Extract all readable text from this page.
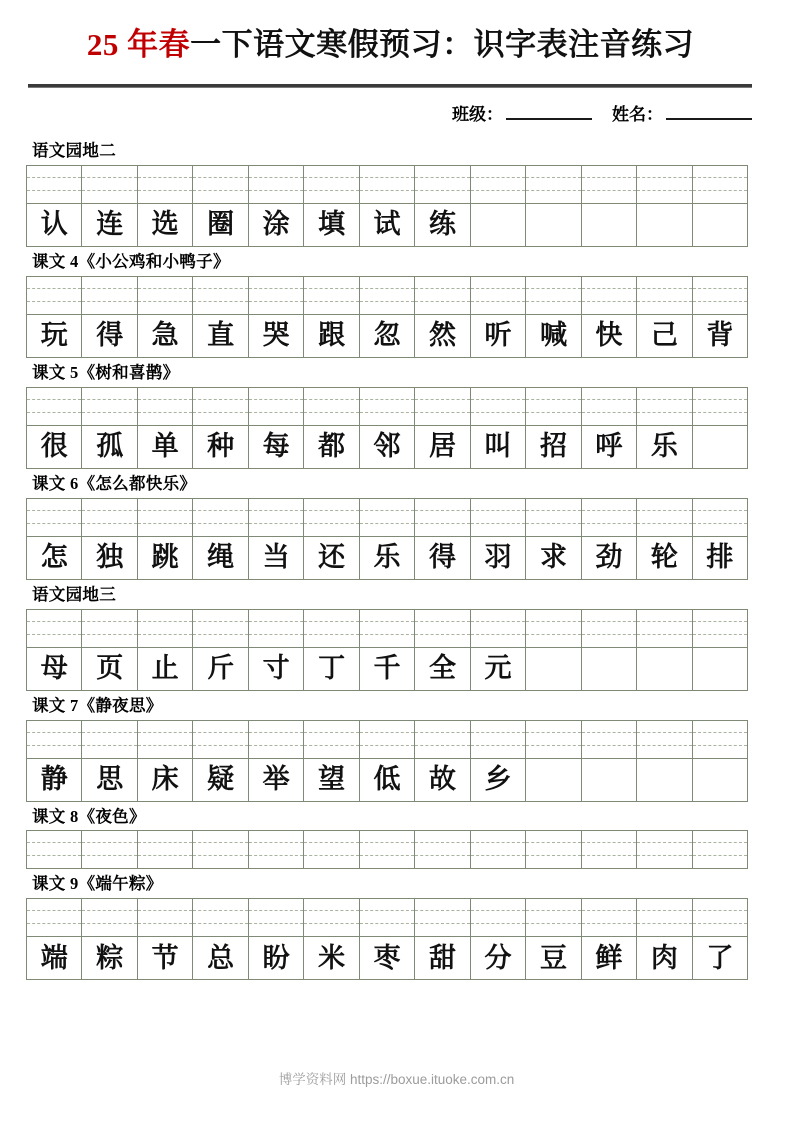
25 年春一下语文寒假预习：识字表注音练习
班级：	姓名：
语文园地二
认 连 选 圈 涂 填 试 练
课文 4《小公鸡和小鸭子》
玩 得 急 直 哭 跟 忽 然 听 喊 快 己 背
课文 5《树和喜鹊》
很 孤 单 种 每 都 邻 居 叫 招 呼 乐
课文 6《怎么都快乐》
怎 独 跳 绳 当 还 乐 得 羽 求 劲 轮 排
语文园地三
母 页 止 斤 寸 丁 千 全 元
课文 7《静夜思》
静 思 床 疑 举 望 低 故 乡
课文 8《夜色》
课文 9《端午粽》
端 粽 节 总 盼 米 枣 甜 分 豆 鲜 肉 了
博学资料网 https://boxue.ituoke.com.cn
